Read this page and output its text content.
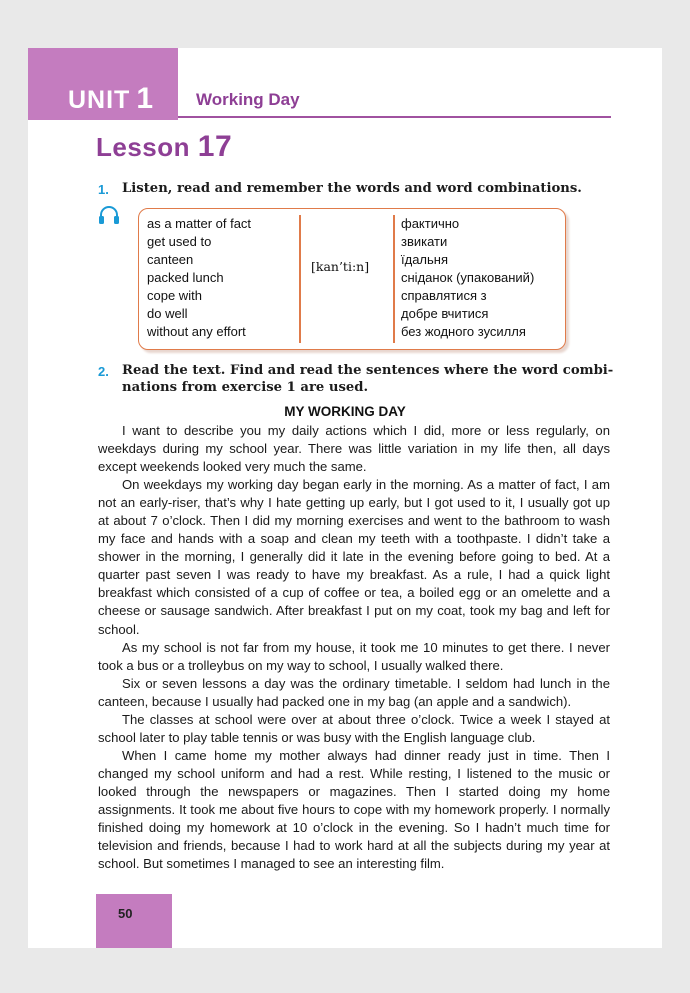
UNIT 1 Working Day
Lesson 17
1. Listen, read and remember the words and word combinations.
as a matter of fact
get used to
canteen
packed lunch
cope with
do well
without any effort
[kan’ti:n]
фактично
звикати
їдальня
сніданок (упакований)
справлятися з
добре вчитися
без жодного зусилля
2. Read the text. Find and read the sentences where the word combi-
nations from exercise 1 are used.
MY WORKING DAY

I want to describe you my daily actions which I did, more or less regularly, on weekdays during my school year. There was little variation in my life then, all days except weekends looked very much the same.

On weekdays my working day began early in the morning. As a matter of fact, I am not an early-riser, that’s why I hate getting up early, but I got used to it, I usually got up at about 7 o’clock. Then I did my morning exercises and went to the bathroom to wash my face and hands with a soap and clean my teeth with a toothpaste. I didn’t take a shower in the morning, I generally did it late in the evening before going to bed. At a quarter past seven I was ready to have my breakfast. As a rule, I had a quick light breakfast which consisted of a cup of coffee or tea, a boiled egg or an omelette and a cheese or sausage sandwich. After breakfast I put on my coat, took my bag and left for school.

As my school is not far from my house, it took me 10 minutes to get there. I never took a bus or a trolleybus on my way to school, I usually walked there.

Six or seven lessons a day was the ordinary timetable. I seldom had lunch in the canteen, because I usually had packed one in my bag (an apple and a sandwich).

The classes at school were over at about three o’clock. Twice a week I stayed at school later to play table tennis or was busy with the English language club.

When I came home my mother always had dinner ready just in time. Then I changed my school uniform and had a rest. While resting, I listened to the music or looked through the newspapers or magazines. Then I started doing my home assignments. It took me about five hours to cope with my homework properly. I normally finished doing my homework at 10 o’clock in the evening. So I hadn’t much time for television and friends, because I had to work hard at all the subjects during my year at school. But sometimes I managed to see an interesting film.

50
